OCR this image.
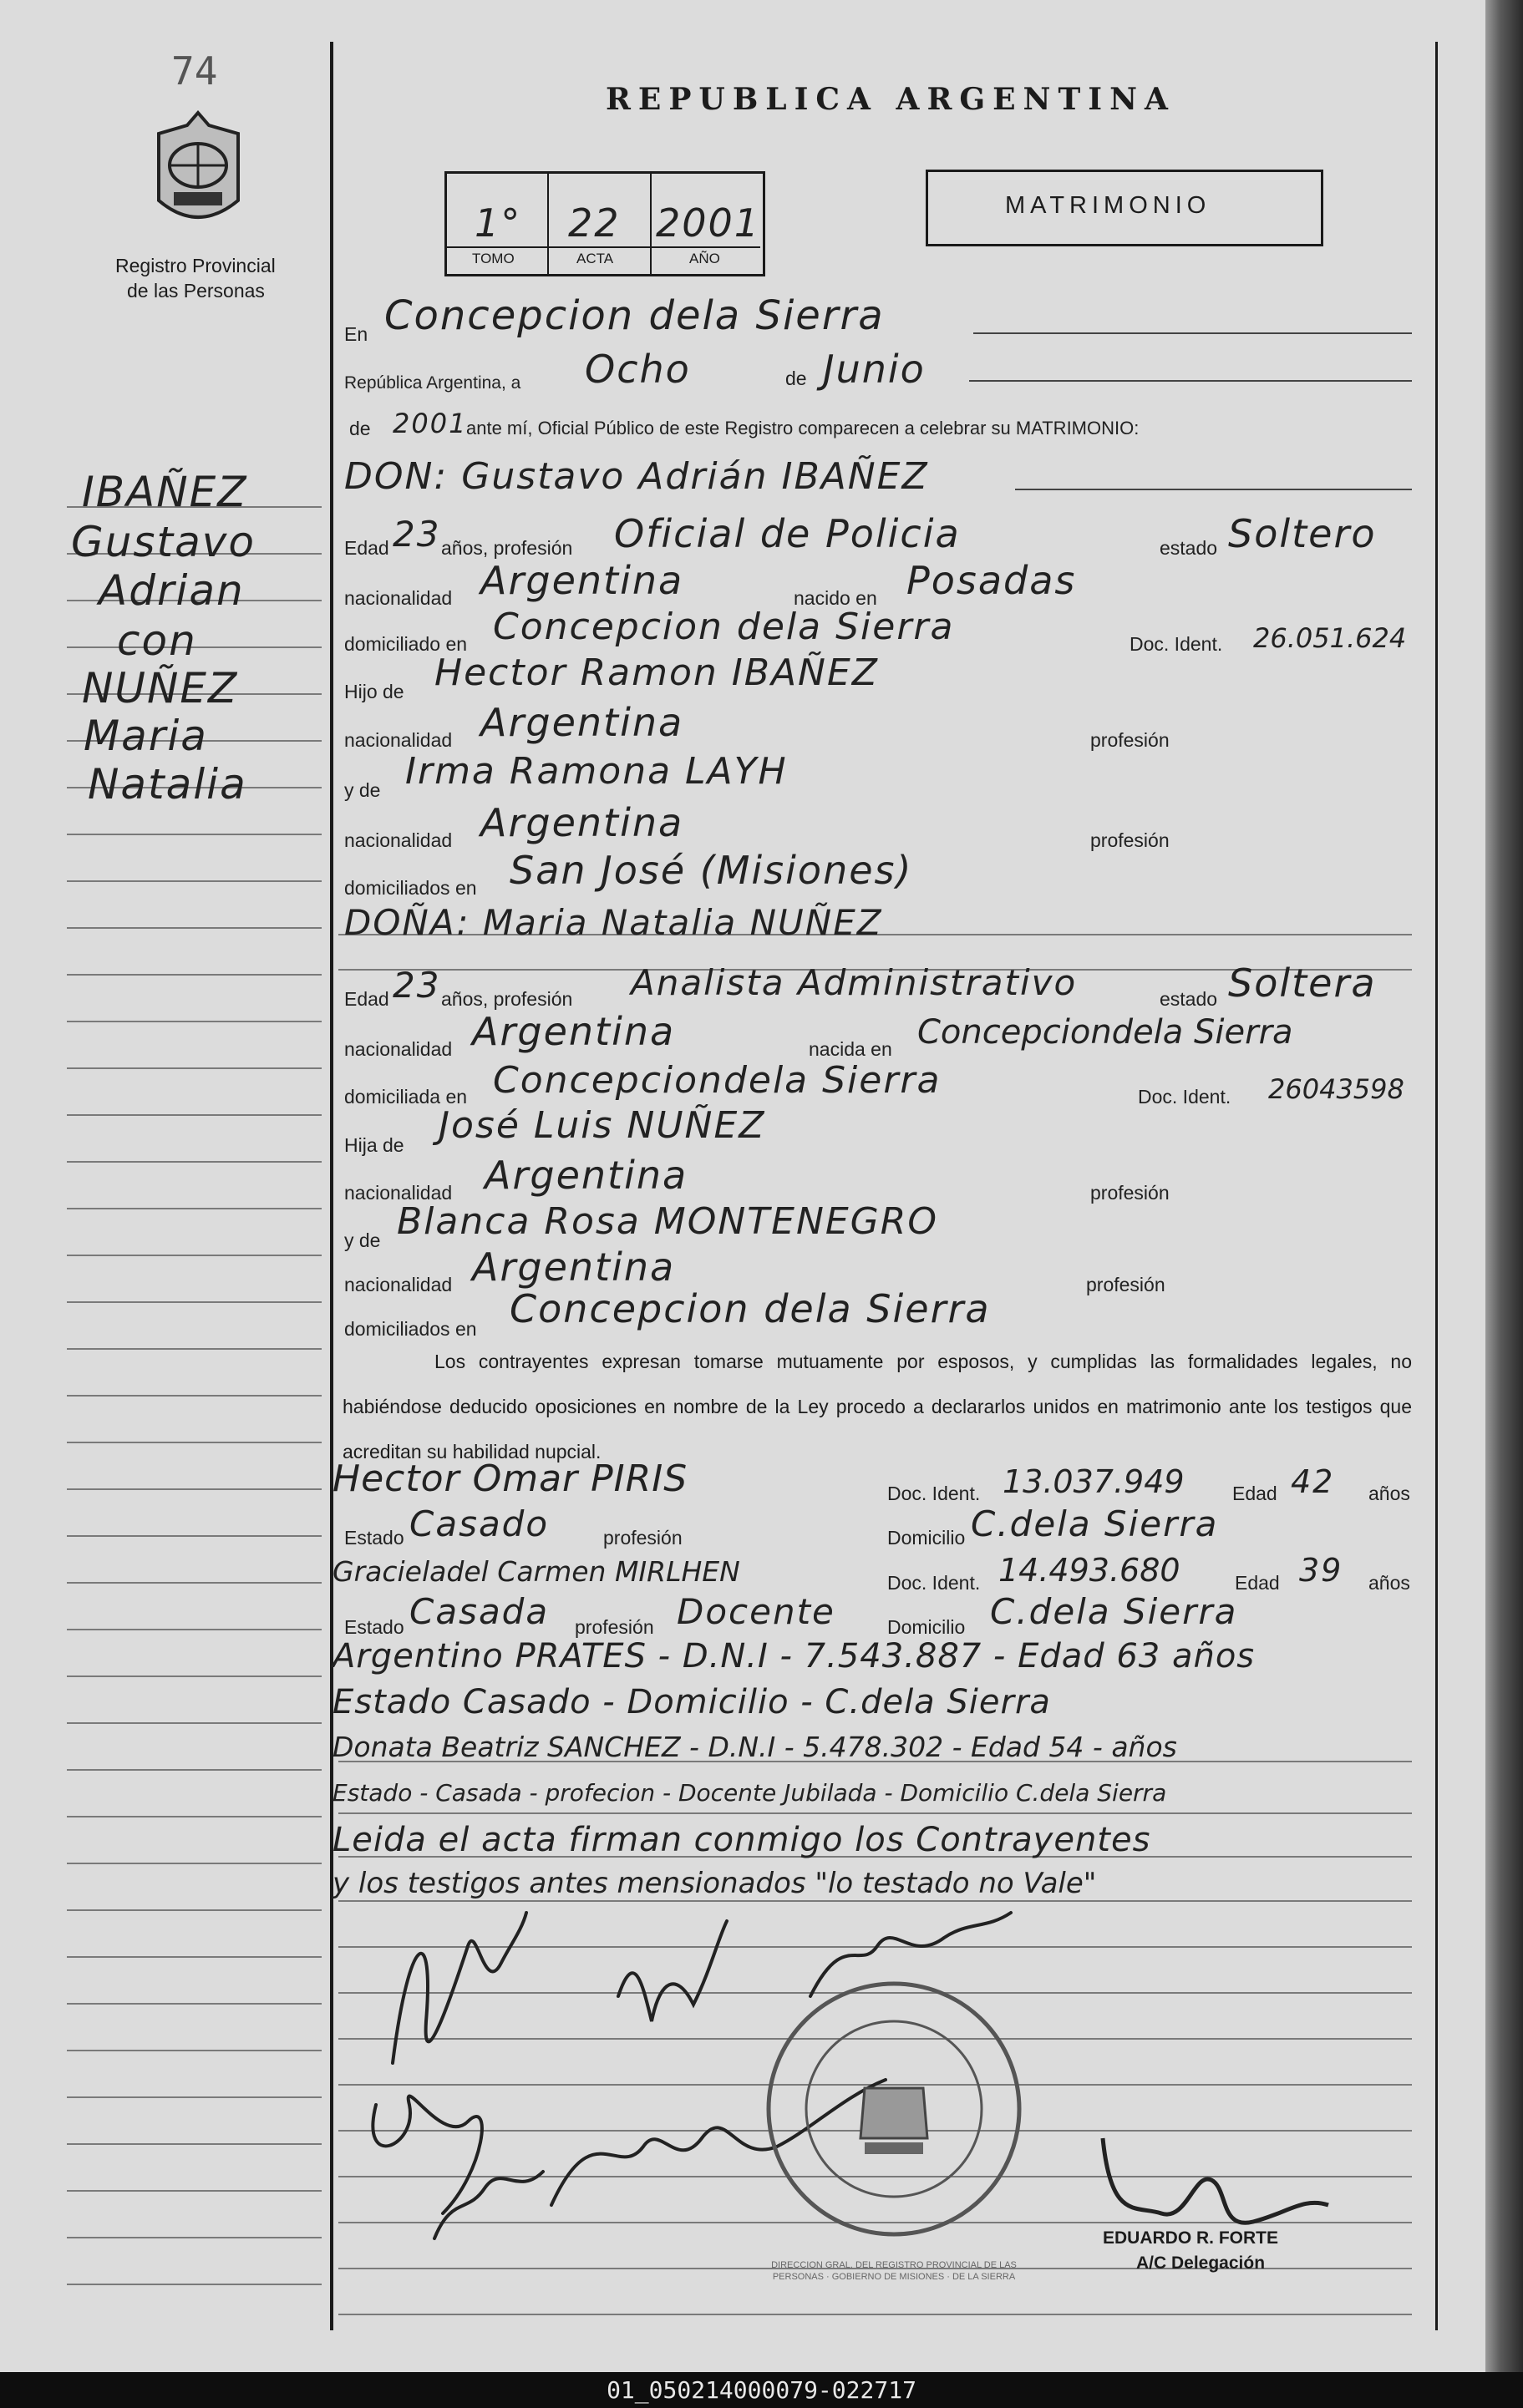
74
Registro Provincial
de las Personas
REPUBLICA ARGENTINA
1° 22 2001
TOMO	ACTA	AÑO
MATRIMONIO
IBAÑEZ
Gustavo
Adrian
con
NUÑEZ
Maria
Natalia
En Concepcion dela Sierra
República Argentina, a Ocho	de Junio
de 2001
ante mí, Oficial Público de este Registro comparecen a celebrar su MATRIMONIO:
DON: Gustavo Adrián IBAÑEZ
Edad 23 años, profesión Oficial de Policia	estado Soltero
nacionalidad Argentina	nacido en Posadas
domiciliado en Concepcion dela Sierra	Doc. Ident. 26.051.624
Hijo de Hector Ramon IBAÑEZ
nacionalidad Argentina	profesión
y de Irma Ramona LAYH
nacionalidad Argentina	profesión
domiciliados en San José (Misiones)
DOÑA: Maria Natalia NUÑEZ
Edad 23 años, profesión Analista Administrativo	estado Soltera
nacionalidad Argentina	nacida en Concepciondela Sierra
domiciliada en Concepciondela Sierra	Doc. Ident. 26043598
Hija de José Luis NUÑEZ
nacionalidad Argentina	profesión
y de Blanca Rosa MONTENEGRO
nacionalidad Argentina	profesión
domiciliados en Concepcion dela Sierra
Los contrayentes expresan tomarse mutuamente por esposos, y cumplidas las formalidades legales, no habiéndose deducido oposiciones en nombre de la Ley procedo a declararlos unidos en matrimonio ante los testigos que acreditan su habilidad nupcial.
Hector Omar PIRIS	Doc. Ident. 13.037.949 Edad 42 años
Estado Casado	profesión	Domicilio C.dela Sierra
Gracieladel Carmen MIRLHEN	Doc. Ident. 14.493.680	Edad 39 años
Estado Casada profesión Docente	Domicilio C.dela Sierra
Argentino PRATES - D.N.I - 7.543.887 - Edad 63 años
Estado Casado - Domicilio - C.dela Sierra
Donata Beatriz SANCHEZ - D.N.I - 5.478.302 - Edad 54 - años
Estado - Casada - profecion - Docente Jubilada - Domicilio C.dela Sierra
Leida el acta firman conmigo los Contrayentes
y los testigos antes mensionados "lo testado no Vale"
DIRECCION GRAL. DEL REGISTRO PROVINCIAL DE LAS PERSONAS · GOBIERNO DE MISIONES · DE LA SIERRA
EDUARDO R. FORTE
A/C Delegación
01_050214000079-022717
